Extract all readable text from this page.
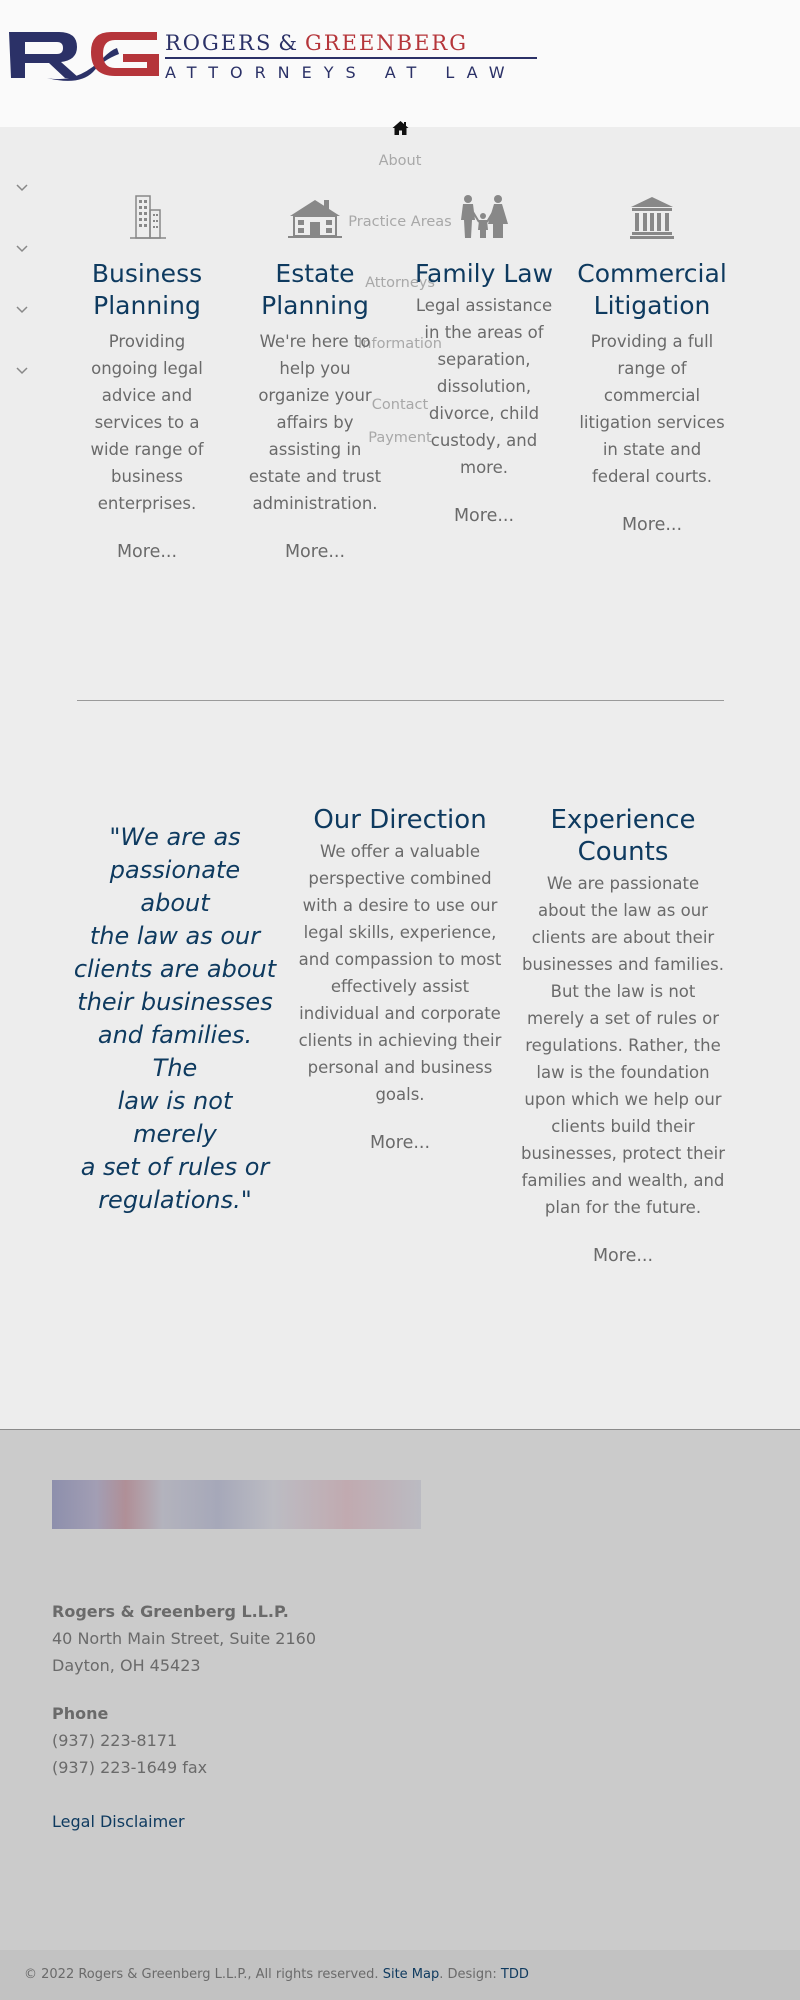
ROGERS & GREENBERG
ATTORNEYS AT LAW
About
Practice Areas
Attorneys
Information
Contact
Payment
Business
Planning
Providing
ongoing legal
advice and
services to a
wide range of
business
enterprises.
More...
Estate
Planning
We're here to
help you
organize your
affairs by
assisting in
estate and trust
administration.
More...
Family Law
Legal assistance
in the areas of
separation,
dissolution,
divorce, child
custody, and
more.
More...
Commercial
Litigation
Providing a full
range of
commercial
litigation services
in state and
federal courts.
More...
"We are as
passionate about
the law as our
clients are about
their businesses
and families. The
law is not merely
a set of rules or
regulations."
Our Direction
We offer a valuable
perspective combined
with a desire to use our
legal skills, experience,
and compassion to most
effectively assist
individual and corporate
clients in achieving their
personal and business
goals.
More...
Experience
Counts
We are passionate
about the law as our
clients are about their
businesses and families.
But the law is not
merely a set of rules or
regulations. Rather, the
law is the foundation
upon which we help our
clients build their
businesses, protect their
families and wealth, and
plan for the future.
More...
Rogers & Greenberg L.L.P.
40 North Main Street, Suite 2160
Dayton, OH 45423
Phone
(937) 223-8171
(937) 223-1649 fax
Legal Disclaimer
© 2022 Rogers & Greenberg L.L.P., All rights reserved. Site Map. Design: TDD
